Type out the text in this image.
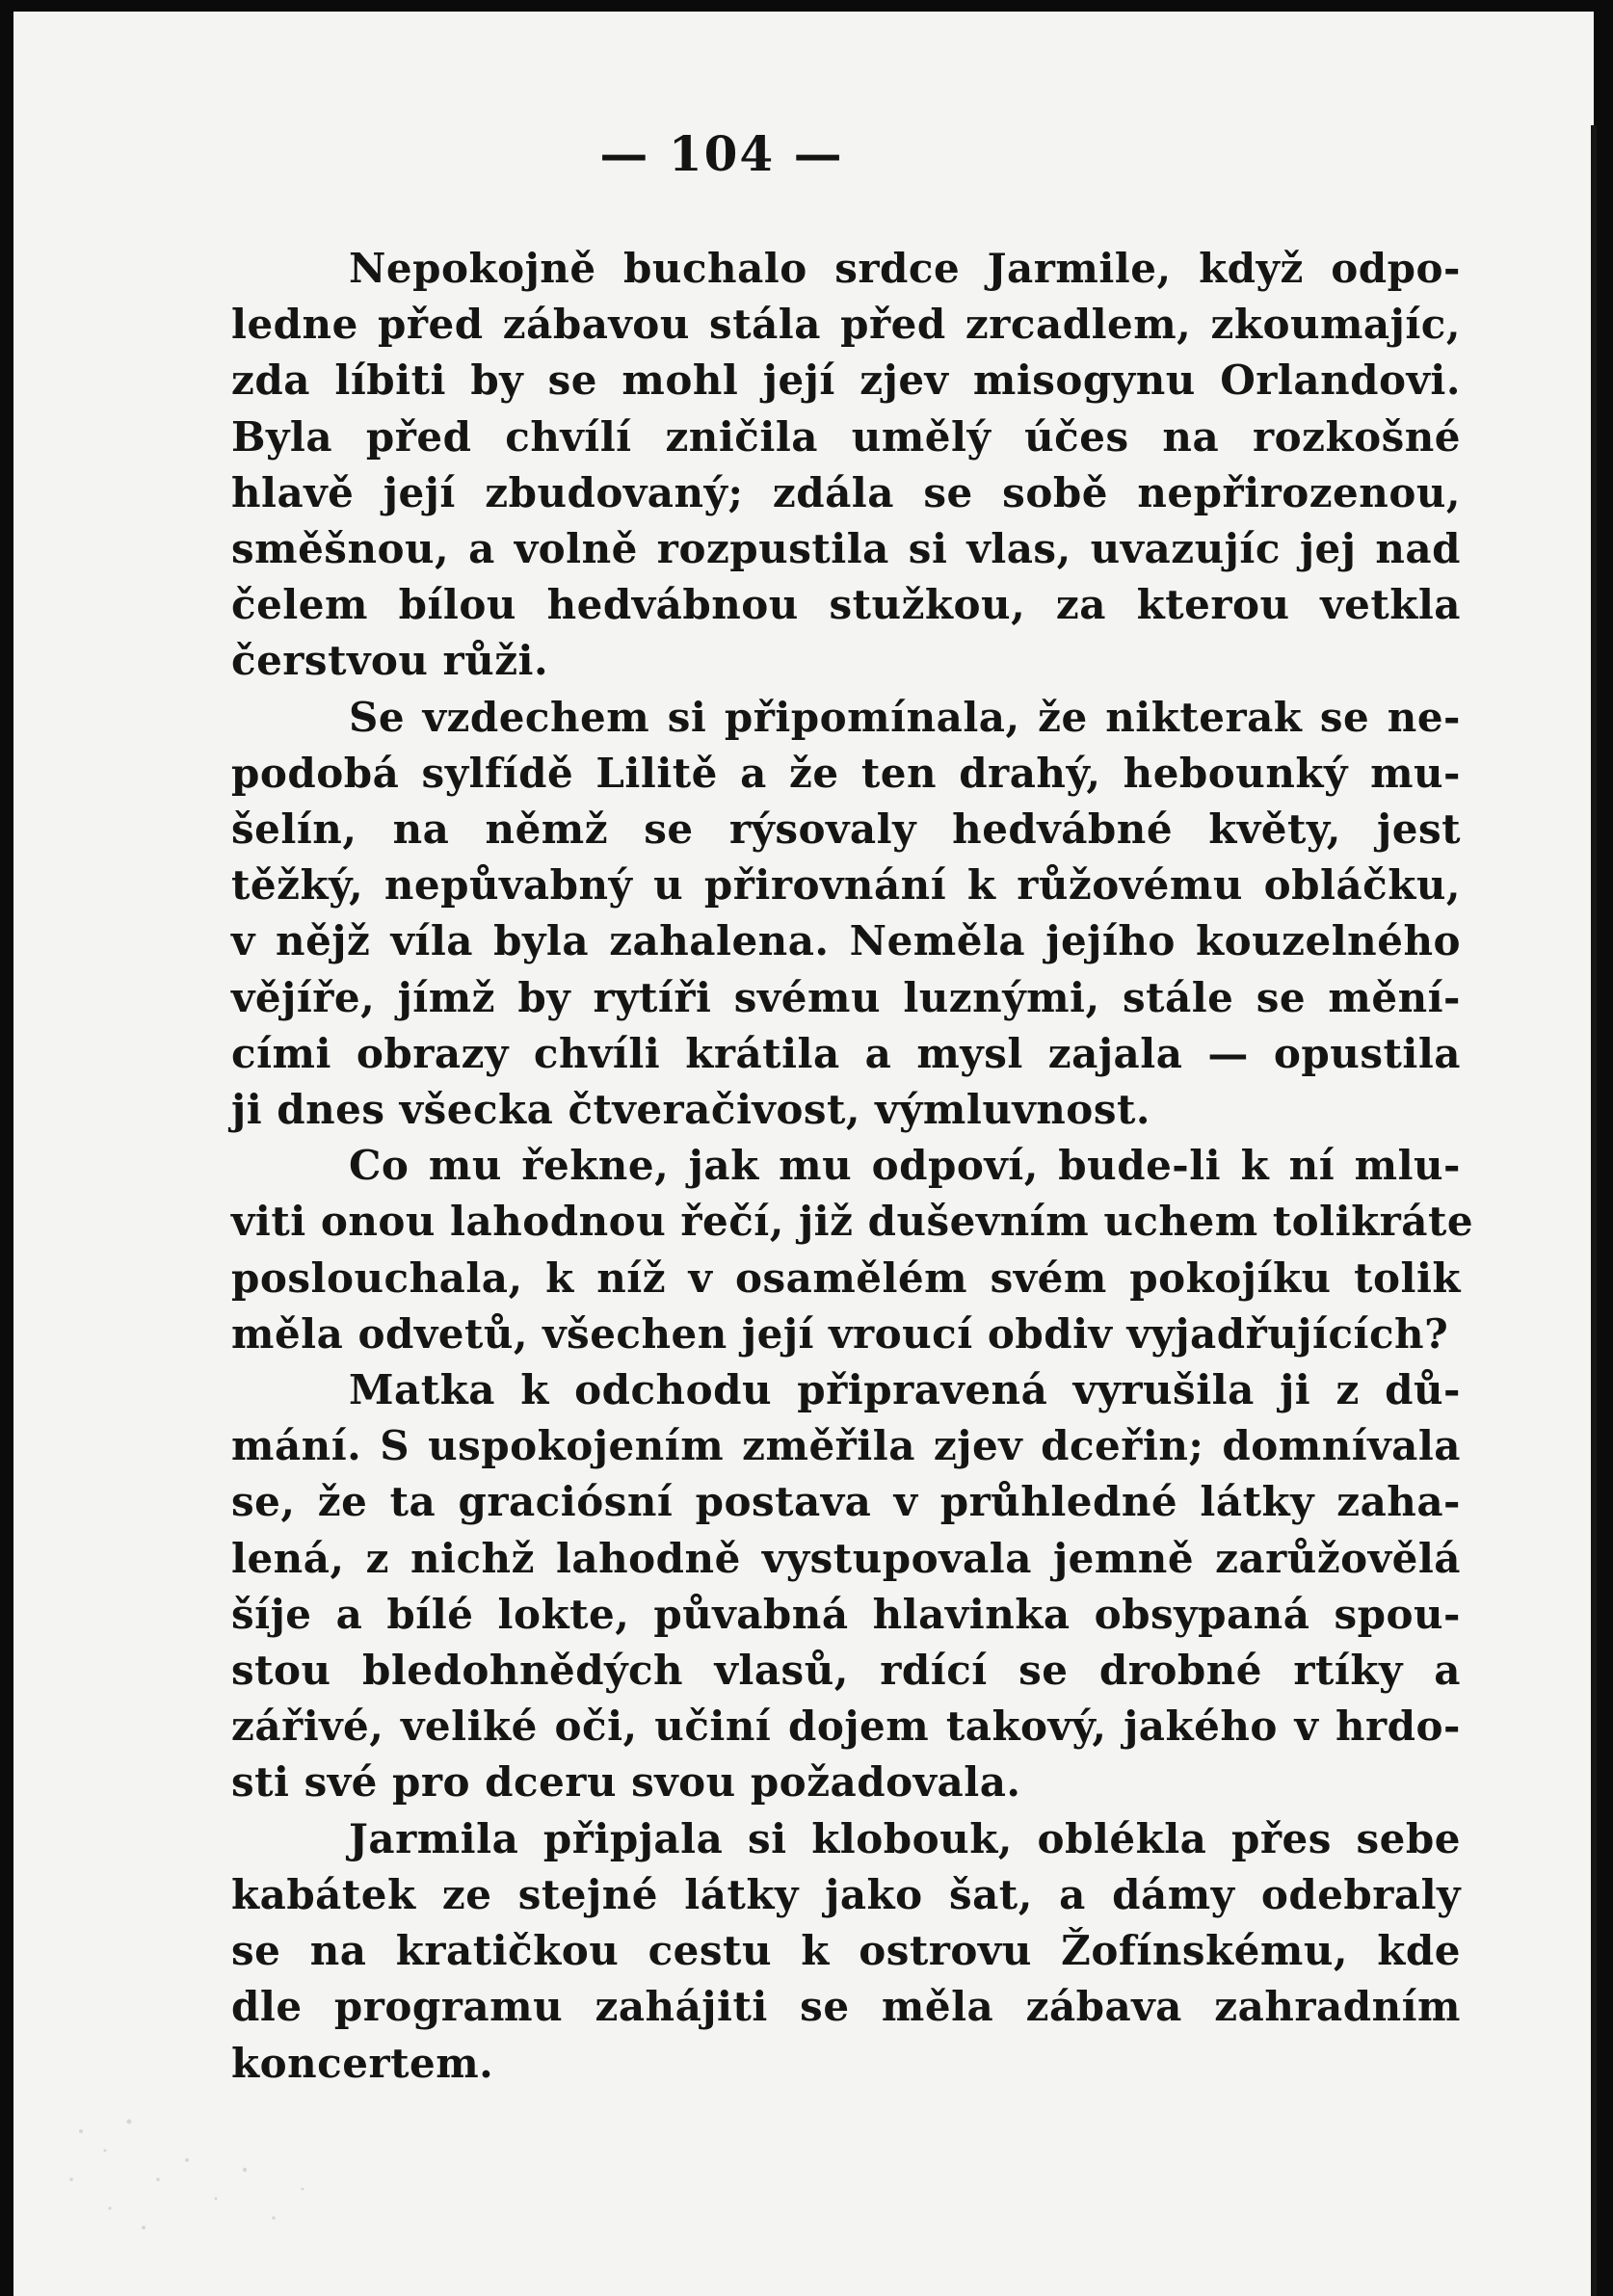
— 104 —
Nepokojně buchalo srdce Jarmile, když odpo-
ledne před zábavou stála před zrcadlem, zkoumajíc,
zda líbiti by se mohl její zjev misogynu Orlandovi.
Byla před chvílí zničila umělý účes na rozkošné
hlavě její zbudovaný; zdála se sobě nepřirozenou,
směšnou, a volně rozpustila si vlas, uvazujíc jej nad
čelem bílou hedvábnou stužkou, za kterou vetkla
čerstvou růži.
Se vzdechem si připomínala, že nikterak se ne-
podobá sylfídě Lilitě a že ten drahý, hebounký mu-
šelín, na němž se rýsovaly hedvábné květy, jest
těžký, nepůvabný u přirovnání k růžovému obláčku,
v nějž víla byla zahalena. Neměla jejího kouzelného
vějíře, jímž by rytíři svému luznými, stále se mění-
cími obrazy chvíli krátila a mysl zajala — opustila
ji dnes všecka čtveračivost, výmluvnost.
Co mu řekne, jak mu odpoví, bude-li k ní mlu-
viti onou lahodnou řečí, již duševním uchem tolikráte
poslouchala, k níž v osamělém svém pokojíku tolik
měla odvetů, všechen její vroucí obdiv vyjadřujících?
Matka k odchodu připravená vyrušila ji z dů-
mání. S uspokojením změřila zjev dceřin; domnívala
se, že ta graciósní postava v průhledné látky zaha-
lená, z nichž lahodně vystupovala jemně zarůžovělá
šíje a bílé lokte, půvabná hlavinka obsypaná spou-
stou bledohnědých vlasů, rdící se drobné rtíky a
zářivé, veliké oči, učiní dojem takový, jakého v hrdo-
sti své pro dceru svou požadovala.
Jarmila připjala si klobouk, oblékla přes sebe
kabátek ze stejné látky jako šat, a dámy odebraly
se na kratičkou cestu k ostrovu Žofínskému, kde
dle programu zahájiti se měla zábava zahradním
koncertem.
